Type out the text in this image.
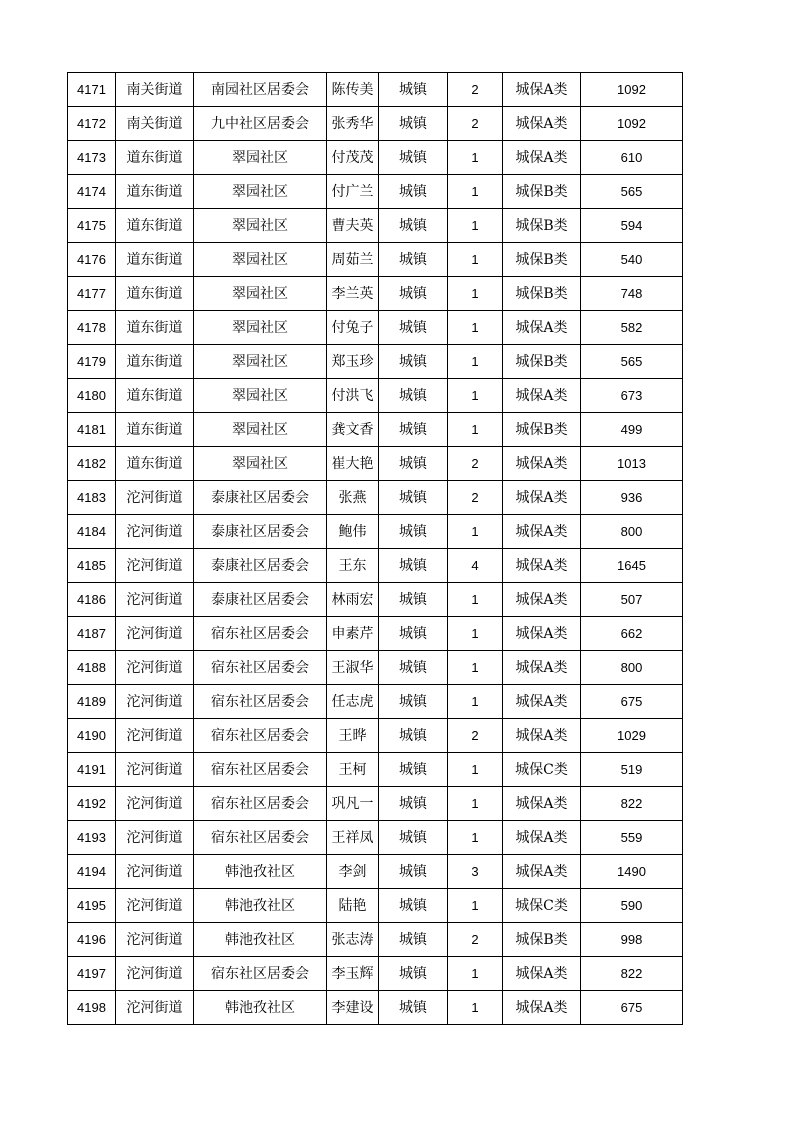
4171	南关街道	南园社区居委会	陈传美	城镇	2	城保A类	1092
4172	南关街道	九中社区居委会	张秀华	城镇	2	城保A类	1092
4173	道东街道	翠园社区	付茂茂	城镇	1	城保A类	610
4174	道东街道	翠园社区	付广兰	城镇	1	城保B类	565
4175	道东街道	翠园社区	曹夫英	城镇	1	城保B类	594
4176	道东街道	翠园社区	周茹兰	城镇	1	城保B类	540
4177	道东街道	翠园社区	李兰英	城镇	1	城保B类	748
4178	道东街道	翠园社区	付兔子	城镇	1	城保A类	582
4179	道东街道	翠园社区	郑玉珍	城镇	1	城保B类	565
4180	道东街道	翠园社区	付洪飞	城镇	1	城保A类	673
4181	道东街道	翠园社区	龚文香	城镇	1	城保B类	499
4182	道东街道	翠园社区	崔大艳	城镇	2	城保A类	1013
4183	沱河街道	泰康社区居委会	张燕	城镇	2	城保A类	936
4184	沱河街道	泰康社区居委会	鲍伟	城镇	1	城保A类	800
4185	沱河街道	泰康社区居委会	王东	城镇	4	城保A类	1645
4186	沱河街道	泰康社区居委会	林雨宏	城镇	1	城保A类	507
4187	沱河街道	宿东社区居委会	申素芹	城镇	1	城保A类	662
4188	沱河街道	宿东社区居委会	王淑华	城镇	1	城保A类	800
4189	沱河街道	宿东社区居委会	任志虎	城镇	1	城保A类	675
4190	沱河街道	宿东社区居委会	王晔	城镇	2	城保A类	1029
4191	沱河街道	宿东社区居委会	王柯	城镇	1	城保C类	519
4192	沱河街道	宿东社区居委会	巩凡一	城镇	1	城保A类	822
4193	沱河街道	宿东社区居委会	王祥凤	城镇	1	城保A类	559
4194	沱河街道	韩池孜社区	李剑	城镇	3	城保A类	1490
4195	沱河街道	韩池孜社区	陆艳	城镇	1	城保C类	590
4196	沱河街道	韩池孜社区	张志涛	城镇	2	城保B类	998
4197	沱河街道	宿东社区居委会	李玉辉	城镇	1	城保A类	822
4198	沱河街道	韩池孜社区	李建设	城镇	1	城保A类	675
